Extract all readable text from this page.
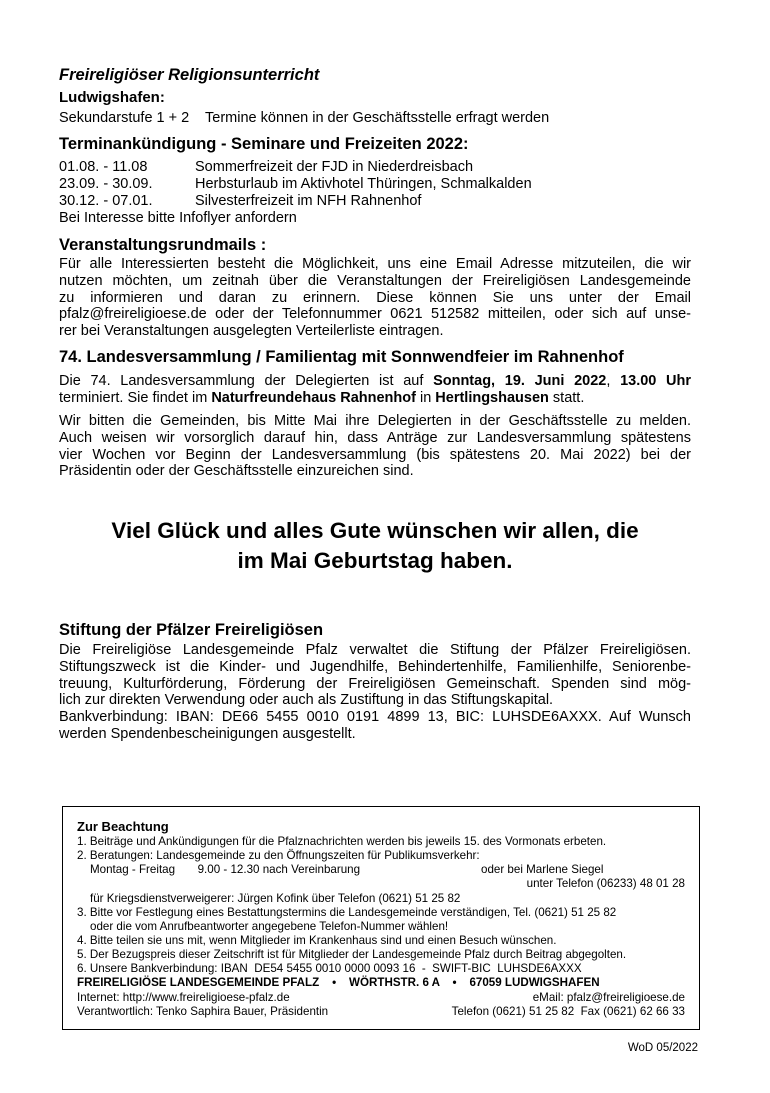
Freireligiöser Religionsunterricht
Ludwigshafen:
Sekundarstufe 1 + 2    Termine können in der Geschäftsstelle erfragt werden
Terminankündigung - Seminare und Freizeiten 2022:
01.08. - 11.08	Sommerfreizeit der FJD in Niederdreisbach
23.09. - 30.09.	Herbsturlaub im Aktivhotel Thüringen, Schmalkalden
30.12. - 07.01.	Silvesterfreizeit im NFH Rahnenhof
Bei Interesse bitte Infoflyer anfordern
Veranstaltungsrundmails :
Für alle Interessierten besteht die Möglichkeit, uns eine Email Adresse mitzuteilen, die wir
nutzen möchten, um zeitnah über die Veranstaltungen der Freireligiösen Landesgemeinde
zu informieren und daran zu erinnern. Diese können Sie uns unter der Email
pfalz@freireligioese.de oder der Telefonnummer 0621 512582 mitteilen, oder sich auf unse-
rer bei Veranstaltungen ausgelegten Verteilerliste eintragen.
74. Landesversammlung / Familientag mit Sonnwendfeier im Rahnenhof
Die 74. Landesversammlung der Delegierten ist auf Sonntag, 19. Juni 2022, 13.00 Uhr
terminiert. Sie findet im Naturfreundehaus Rahnenhof in Hertlingshausen statt.
Wir bitten die Gemeinden, bis Mitte Mai ihre Delegierten in der Geschäftsstelle zu melden.
Auch weisen wir vorsorglich darauf hin, dass Anträge zur Landesversammlung spätestens
vier Wochen vor Beginn der Landesversammlung (bis spätestens 20. Mai 2022) bei der
Präsidentin oder der Geschäftsstelle einzureichen sind.
Viel Glück und alles Gute wünschen wir allen, die
im Mai Geburtstag haben.
Stiftung der Pfälzer Freireligiösen
Die Freireligiöse Landesgemeinde Pfalz verwaltet die Stiftung der Pfälzer Freireligiösen.
Stiftungszweck ist die Kinder- und Jugendhilfe, Behindertenhilfe, Familienhilfe, Seniorenbe-
treuung, Kulturförderung, Förderung der Freireligiösen Gemeinschaft. Spenden sind mög-
lich zur direkten Verwendung oder auch als Zustiftung in das Stiftungskapital.
Bankverbindung: IBAN: DE66 5455 0010 0191 4899 13, BIC: LUHSDE6AXXX. Auf Wunsch
werden Spendenbescheinigungen ausgestellt.
Zur Beachtung
1. Beiträge und Ankündigungen für die Pfalznachrichten werden bis jeweils 15. des Vormonats erbeten.
2. Beratungen: Landesgemeinde zu den Öffnungszeiten für Publikumsverkehr:
Montag - Freitag       9.00 - 12.30 nach Vereinbarung	oder bei Marlene Siegel
unter Telefon (06233) 48 01 28
für Kriegsdienstverweigerer: Jürgen Kofink über Telefon (0621) 51 25 82
3. Bitte vor Festlegung eines Bestattungstermins die Landesgemeinde verständigen, Tel. (0621) 51 25 82
oder die vom Anrufbeantworter angegebene Telefon-Nummer wählen!
4. Bitte teilen sie uns mit, wenn Mitglieder im Krankenhaus sind und einen Besuch wünschen.
5. Der Bezugspreis dieser Zeitschrift ist für Mitglieder der Landesgemeinde Pfalz durch Beitrag abgegolten.
6. Unsere Bankverbindung: IBAN  DE54 5455 0010 0000 0093 16  -  SWIFT-BIC  LUHSDE6AXXX
FREIRELIGIÖSE LANDESGEMEINDE PFALZ    •    WÖRTHSTR. 6 A    •    67059 LUDWIGSHAFEN
Internet: http://www.freireligioese-pfalz.de	eMail: pfalz@freireligioese.de
Verantwortlich: Tenko Saphira Bauer, Präsidentin	Telefon (0621) 51 25 82  Fax (0621) 62 66 33
WoD 05/2022
